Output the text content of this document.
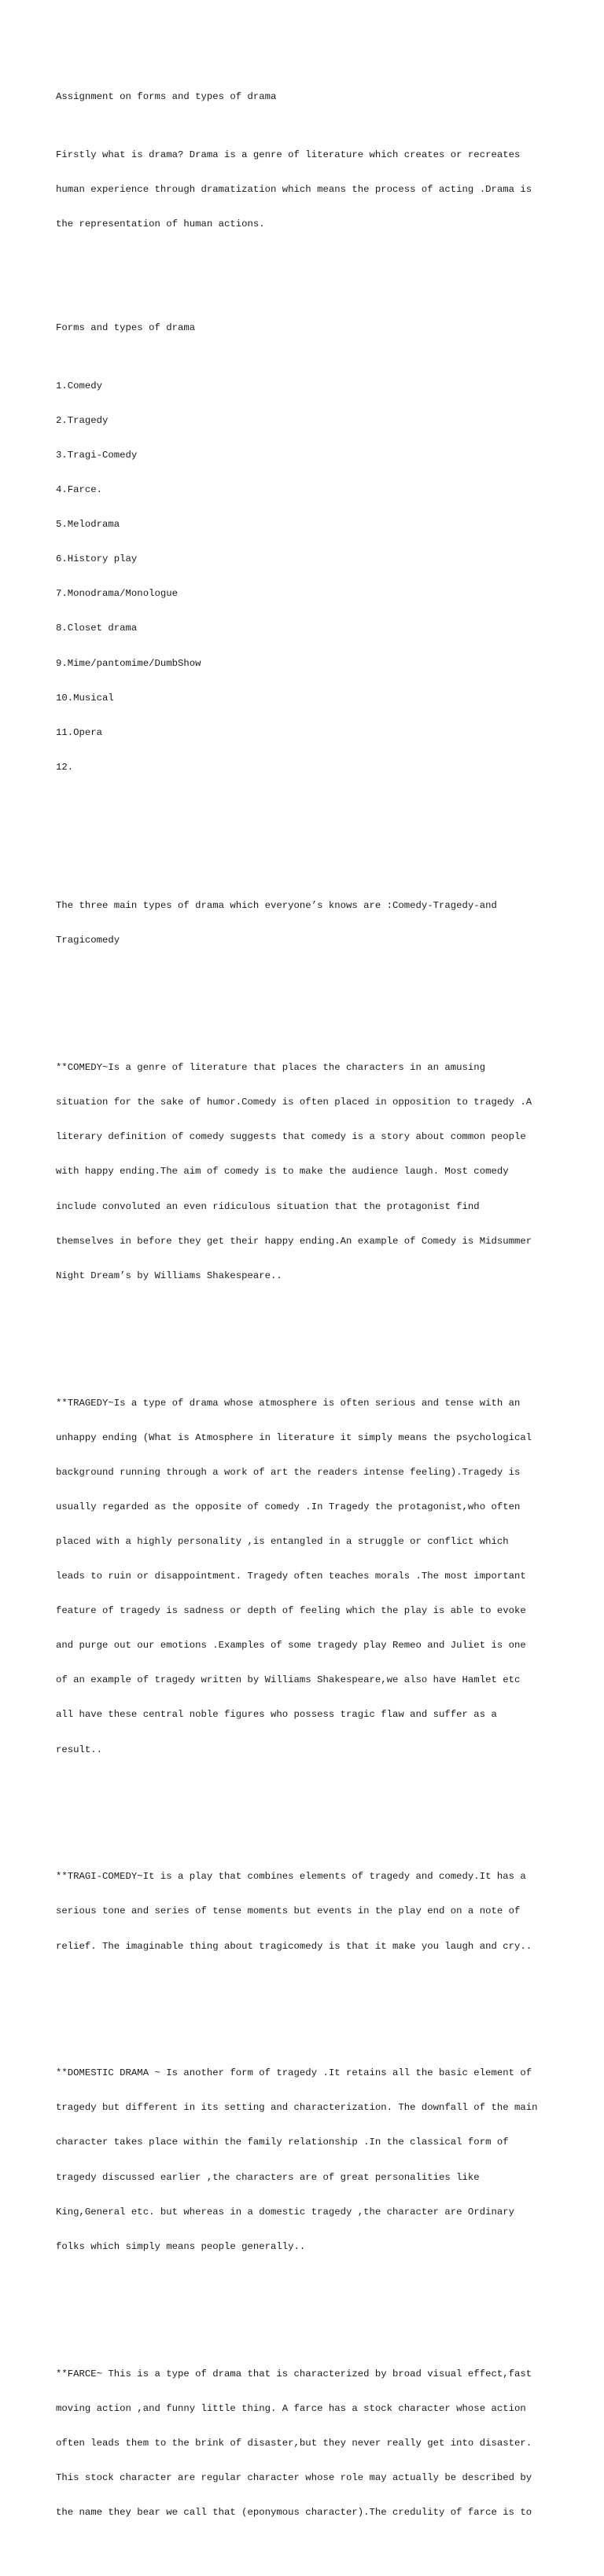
Assignment on forms and types of drama

Firstly what is drama? Drama is a genre of literature which creates or recreates

human experience through dramatization which means the process of acting .Drama is

the representation of human actions.

Forms and types of drama

1.Comedy

2.Tragedy

3.Tragi-Comedy

4.Farce.

5.Melodrama

6.History play

7.Monodrama/Monologue

8.Closet drama

9.Mime/pantomime/DumbShow

10.Musical

11.Opera

12.

The three main types of drama which everyone’s knows are :Comedy-Tragedy-and

Tragicomedy

**COMEDY~Is a genre of literature that places the characters in an amusing

situation for the sake of humor.Comedy is often placed in opposition to tragedy .A

literary definition of comedy suggests that comedy is a story about common people

with happy ending.The aim of comedy is to make the audience laugh. Most comedy

include convoluted an even ridiculous situation that the protagonist find

themselves in before they get their happy ending.An example of Comedy is Midsummer

Night Dream’s by Williams Shakespeare..

**TRAGEDY~Is a type of drama whose atmosphere is often serious and tense with an

unhappy ending (What is Atmosphere in literature it simply means the psychological

background running through a work of art the readers intense feeling).Tragedy is

usually regarded as the opposite of comedy .In Tragedy the protagonist,who often

placed with a highly personality ,is entangled in a struggle or conflict which

leads to ruin or disappointment. Tragedy often teaches morals .The most important

feature of tragedy is sadness or depth of feeling which the play is able to evoke

and purge out our emotions .Examples of some tragedy play Remeo and Juliet is one

of an example of tragedy written by Williams Shakespeare,we also have Hamlet etc

all have these central noble figures who possess tragic flaw and suffer as a

result..

**TRAGI-COMEDY~It is a play that combines elements of tragedy and comedy.It has a

serious tone and series of tense moments but events in the play end on a note of

relief. The imaginable thing about tragicomedy is that it make you laugh and cry..

**DOMESTIC DRAMA ~ Is another form of tragedy .It retains all the basic element of

tragedy but different in its setting and characterization. The downfall of the main

character takes place within the family relationship .In the classical form of

tragedy discussed earlier ,the characters are of great personalities like

King,General etc. but whereas in a domestic tragedy ,the character are Ordinary

folks which simply means people generally..

**FARCE~ This is a type of drama that is characterized by broad visual effect,fast

moving action ,and funny little thing. A farce has a stock character whose action

often leads them to the brink of disaster,but they never really get into disaster.

This stock character are regular character whose role may actually be described by

the name they bear we call that (eponymous character).The credulity of farce is to
